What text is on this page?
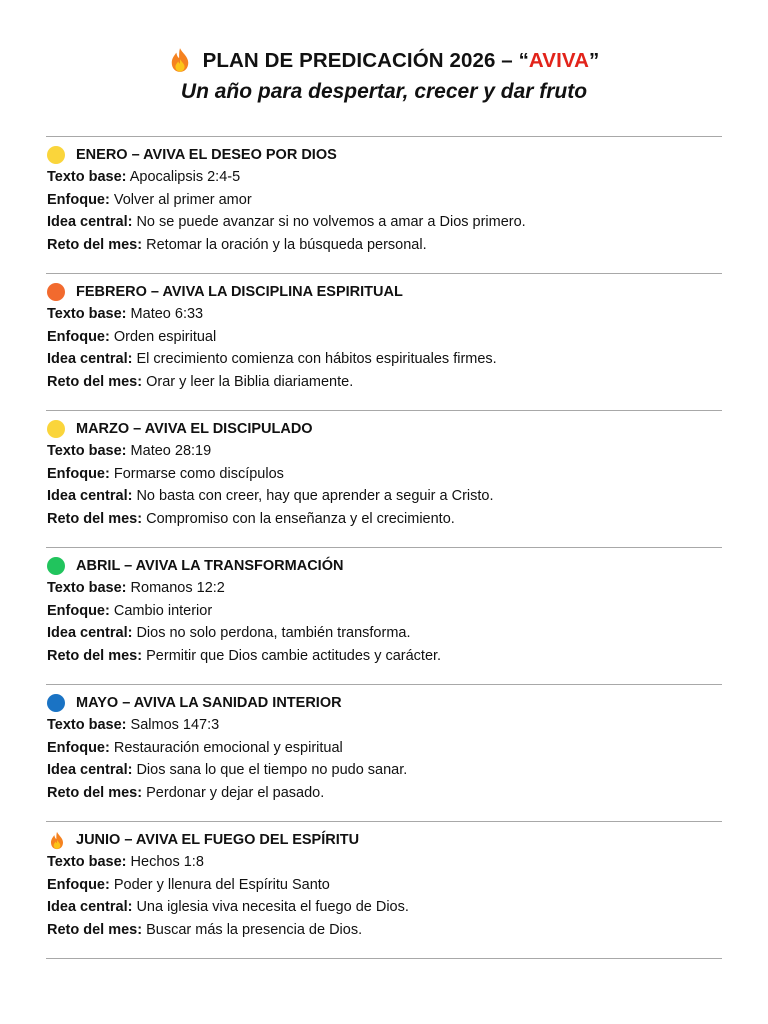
PLAN DE PREDICACIÓN 2026 – “ AVIVA ”
Un año para despertar, crecer y dar fruto
ENERO – AVIVA EL DESEO POR DIOS
Texto base: Apocalipsis 2:4-5
Enfoque: Volver al primer amor
Idea central: No se puede avanzar si no volvemos a amar a Dios primero.
Reto del mes: Retomar la oración y la búsqueda personal.
FEBRERO – AVIVA LA DISCIPLINA ESPIRITUAL
Texto base: Mateo 6:33
Enfoque: Orden espiritual
Idea central: El crecimiento comienza con hábitos espirituales firmes.
Reto del mes: Orar y leer la Biblia diariamente.
MARZO – AVIVA EL DISCIPULADO
Texto base: Mateo 28:19
Enfoque: Formarse como discípulos
Idea central: No basta con creer, hay que aprender a seguir a Cristo.
Reto del mes: Compromiso con la enseñanza y el crecimiento.
ABRIL – AVIVA LA TRANSFORMACIÓN
Texto base: Romanos 12:2
Enfoque: Cambio interior
Idea central: Dios no solo perdona, también transforma.
Reto del mes: Permitir que Dios cambie actitudes y carácter.
MAYO – AVIVA LA SANIDAD INTERIOR
Texto base: Salmos 147:3
Enfoque: Restauración emocional y espiritual
Idea central: Dios sana lo que el tiempo no pudo sanar.
Reto del mes: Perdonar y dejar el pasado.
JUNIO – AVIVA EL FUEGO DEL ESPÍRITU
Texto base: Hechos 1:8
Enfoque: Poder y llenura del Espíritu Santo
Idea central: Una iglesia viva necesita el fuego de Dios.
Reto del mes: Buscar más la presencia de Dios.
